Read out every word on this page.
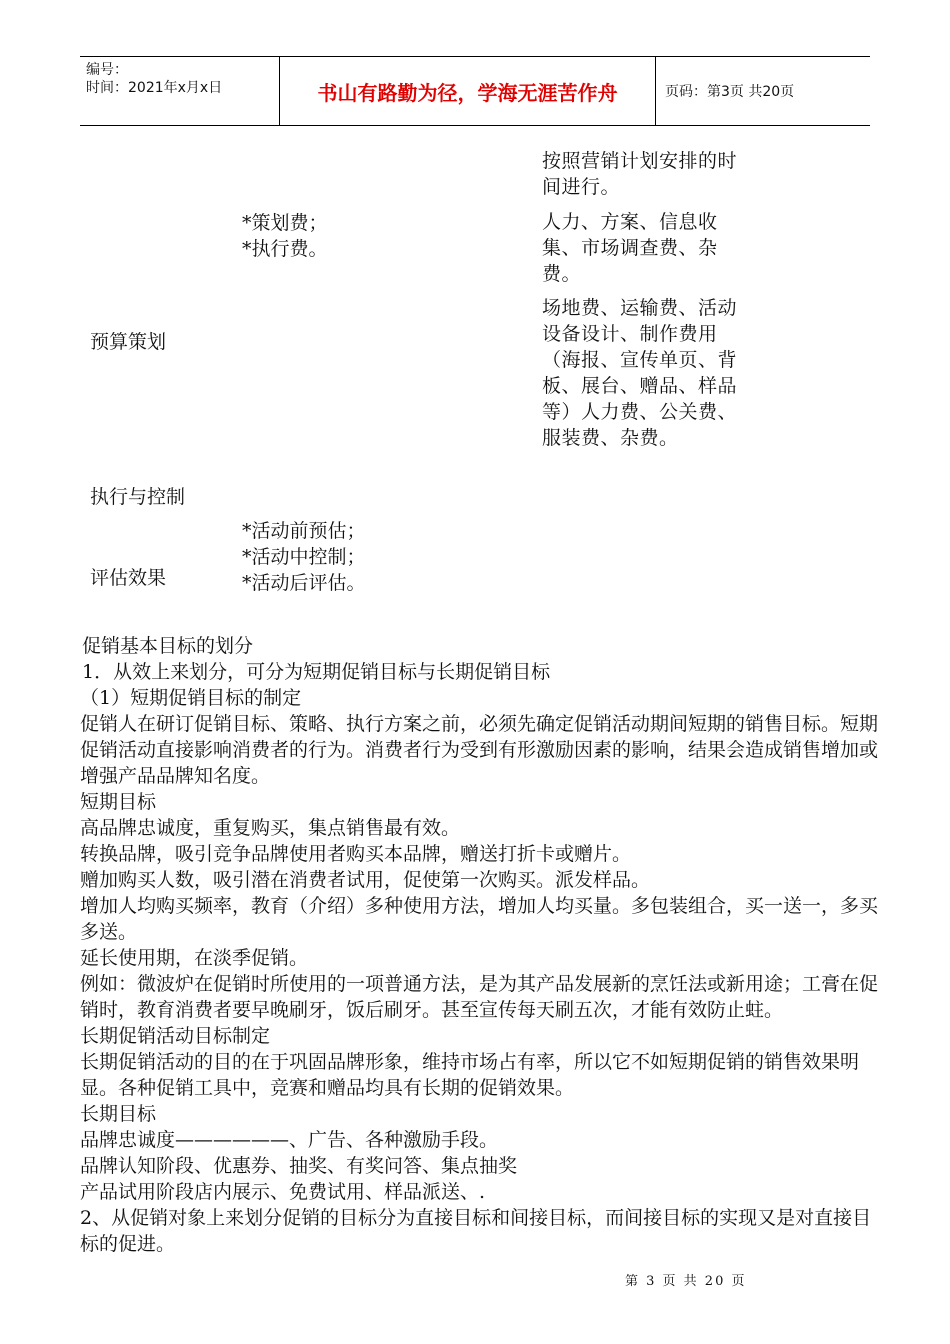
编号：
时间：2021年x月x日	书山有路勤为径，学海无涯苦作舟	页码：第3页 共20页
按照营销计划安排的时间进行。
*策划费；
*执行费。
人力、方案、信息收集、市场调查费、杂费。
预算策划
场地费、运输费、活动设备设计、制作费用（海报、宣传单页、背板、展台、赠品、样品等）人力费、公关费、服装费、杂费。
执行与控制
*活动前预估；
*活动中控制；
*活动后评估。
评估效果

促销基本目标的划分

1．从效上来划分，可分为短期促销目标与长期促销目标

（1）短期促销目标的制定

促销人在研订促销目标、策略、执行方案之前，必须先确定促销活动期间短期的销售目标。短期促销活动直接影响消费者的行为。消费者行为受到有形激励因素的影响，结果会造成销售增加或增强产品品牌知名度。

短期目标

高品牌忠诚度，重复购买，集点销售最有效。

转换品牌，吸引竞争品牌使用者购买本品牌，赠送打折卡或赠片。

赠加购买人数，吸引潜在消费者试用，促使第一次购买。派发样品。

增加人均购买频率，教育（介绍）多种使用方法，增加人均买量。多包装组合，买一送一，多买多送。

延长使用期，在淡季促销。

例如：微波炉在促销时所使用的一项普通方法，是为其产品发展新的烹饪法或新用途；工膏在促销时，教育消费者要早晚刷牙，饭后刷牙。甚至宣传每天刷五次，才能有效防止蛀。

长期促销活动目标制定

长期促销活动的目的在于巩固品牌形象，维持市场占有率，所以它不如短期促销的销售效果明显。各种促销工具中，竞赛和赠品均具有长期的促销效果。

长期目标

品牌忠诚度——————、广告、各种激励手段。

品牌认知阶段、优惠券、抽奖、有奖问答、集点抽奖

产品试用阶段店内展示、免费试用、样品派送、.

2、从促销对象上来划分促销的目标分为直接目标和间接目标，而间接目标的实现又是对直接目标的促进。

第 3 页 共 20 页
